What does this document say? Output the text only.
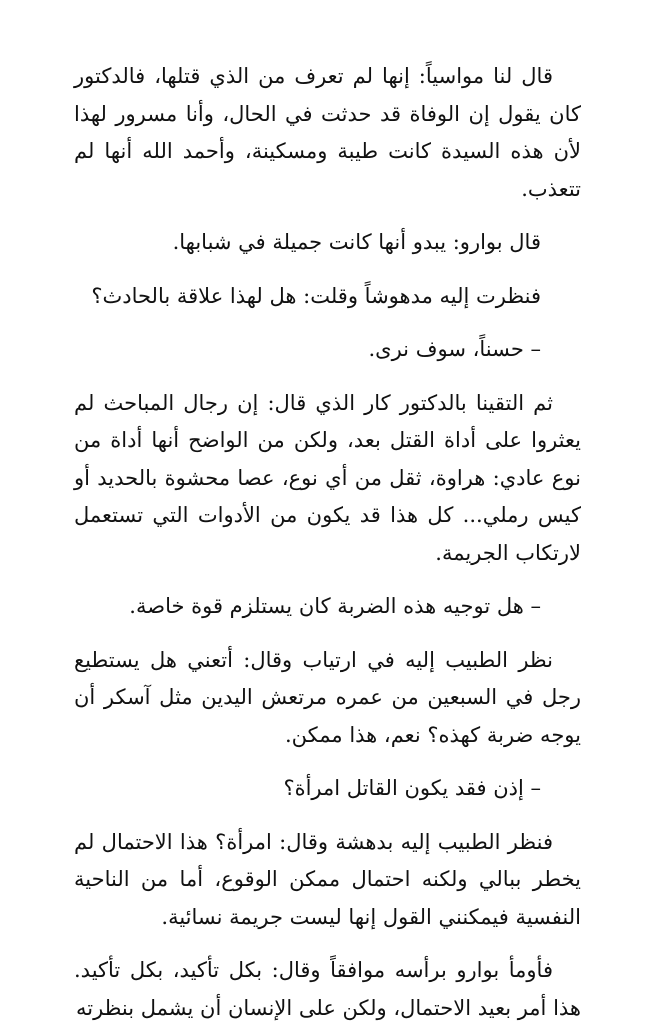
قال لنا مواسياً: إنها لم تعرف من الذي قتلها، فالدكتور كان يقول إن الوفاة قد حدثت في الحال، وأنا مسرور لهذا لأن هذه السيدة كانت طيبة ومسكينة، وأحمد الله أنها لم تتعذب.

قال بوارو: يبدو أنها كانت جميلة في شبابها.

فنظرت إليه مدهوشاً وقلت: هل لهذا علاقة بالحادث؟

– حسناً، سوف نرى.

ثم التقينا بالدكتور كار الذي قال: إن رجال المباحث لم يعثروا على أداة القتل بعد، ولكن من الواضح أنها أداة من نوع عادي: هراوة، ثقل من أي نوع، عصا محشوة بالحديد أو كيس رملي... كل هذا قد يكون من الأدوات التي تستعمل لارتكاب الجريمة.

– هل توجيه هذه الضربة كان يستلزم قوة خاصة.

نظر الطبيب إليه في ارتياب وقال: أتعني هل يستطيع رجل في السبعين من عمره مرتعش اليدين مثل آسكر أن يوجه ضربة كهذه؟ نعم، هذا ممكن.

– إذن فقد يكون القاتل امرأة؟

فنظر الطبيب إليه بدهشة وقال: امرأة؟ هذا الاحتمال لم يخطر ببالي ولكنه احتمال ممكن الوقوع، أما من الناحية النفسية فيمكنني القول إنها ليست جريمة نسائية.

فأومأ بوارو برأسه موافقاً وقال: بكل تأكيد، بكل تأكيد. هذا أمر بعيد الاحتمال، ولكن على الإنسان أن يشمل بنظرته
